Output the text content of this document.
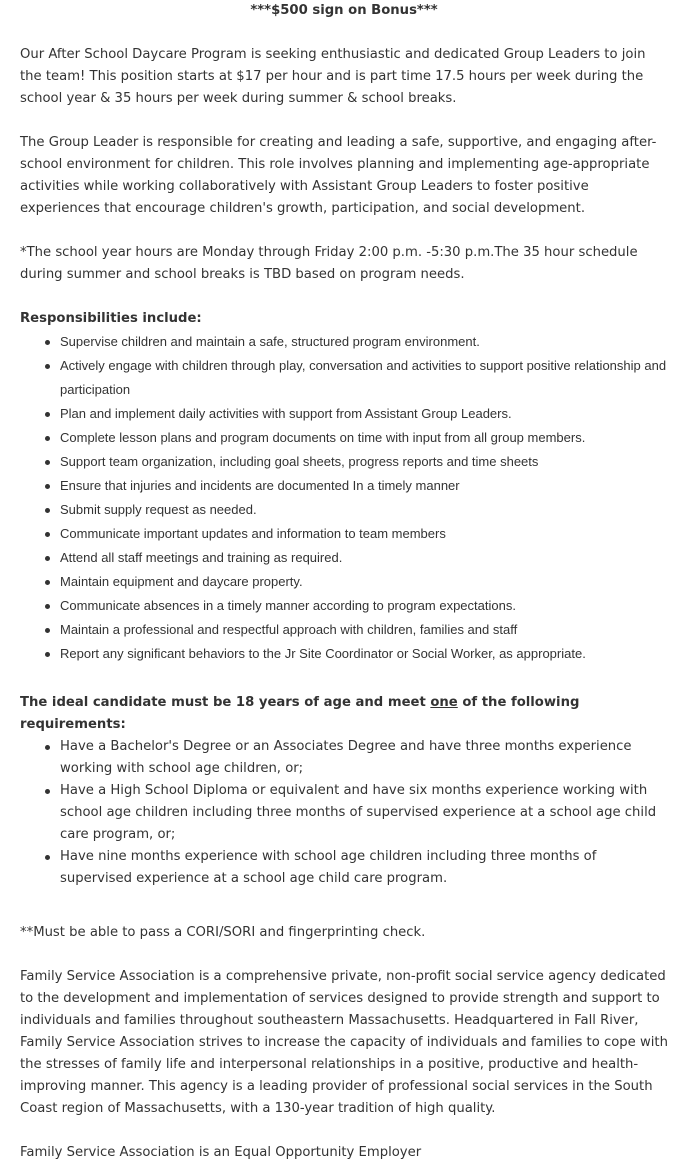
***$500 sign on Bonus***

Our After School Daycare Program is seeking enthusiastic and dedicated Group Leaders to join the team! This position starts at $17 per hour and is part time 17.5 hours per week during the school year & 35 hours per week during summer & school breaks.

The Group Leader is responsible for creating and leading a safe, supportive, and engaging after-school environment for children. This role involves planning and implementing age-appropriate activities while working collaboratively with Assistant Group Leaders to foster positive experiences that encourage children's growth, participation, and social development.

*The school year hours are Monday through Friday 2:00 p.m. -5:30 p.m.The 35 hour schedule during summer and school breaks is TBD based on program needs.

Responsibilities include:

Supervise children and maintain a safe, structured program environment.
Actively engage with children through play, conversation and activities to support positive relationship and participation
Plan and implement daily activities with support from Assistant Group Leaders.
Complete lesson plans and program documents on time with input from all group members.
Support team organization, including goal sheets, progress reports and time sheets
Ensure that injuries and incidents are documented In a timely manner
Submit supply request as needed.
Communicate important updates and information to team members
Attend all staff meetings and training as required.
Maintain equipment and daycare property.
Communicate absences in a timely manner according to program expectations.
Maintain a professional and respectful approach with children, families and staff
Report any significant behaviors to the Jr Site Coordinator or Social Worker, as appropriate.

The ideal candidate must be 18 years of age and meet one of the following requirements:

Have a Bachelor's Degree or an Associates Degree and have three months experience working with school age children, or;
Have a High School Diploma or equivalent and have six months experience working with school age children including three months of supervised experience at a school age child care program, or;
Have nine months experience with school age children including three months of supervised experience at a school age child care program.

**Must be able to pass a CORI/SORI and fingerprinting check.

Family Service Association is a comprehensive private, non-profit social service agency dedicated to the development and implementation of services designed to provide strength and support to individuals and families throughout southeastern Massachusetts. Headquartered in Fall River, Family Service Association strives to increase the capacity of individuals and families to cope with the stresses of family life and interpersonal relationships in a positive, productive and health-improving manner. This agency is a leading provider of professional social services in the South Coast region of Massachusetts, with a 130-year tradition of high quality.

Family Service Association is an Equal Opportunity Employer
